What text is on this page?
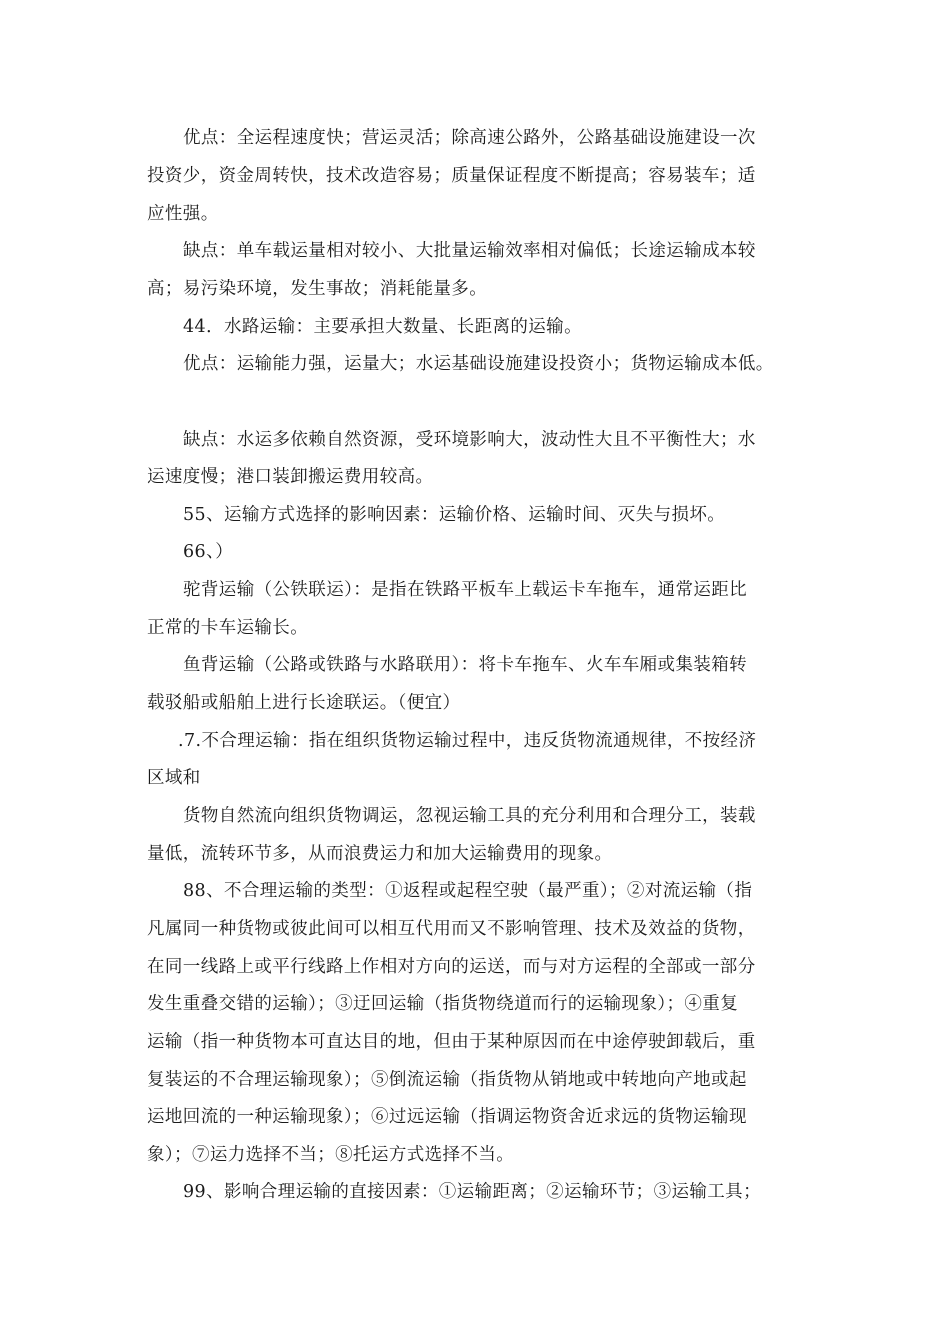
优点：全运程速度快；营运灵活；除高速公路外，公路基础设施建设一次
投资少，资金周转快，技术改造容易；质量保证程度不断提高；容易装车；适
应性强。
缺点：单车载运量相对较小、大批量运输效率相对偏低；长途运输成本较
高；易污染环境，发生事故；消耗能量多。
44．水路运输：主要承担大数量、长距离的运输。
优点：运输能力强，运量大；水运基础设施建设投资小；货物运输成本低。
缺点：水运多依赖自然资源，受环境影响大，波动性大且不平衡性大；水
运速度慢；港口装卸搬运费用较高。
55、运输方式选择的影响因素：运输价格、运输时间、灭失与损坏。
66、）
驼背运输（公铁联运）：是指在铁路平板车上载运卡车拖车，通常运距比
正常的卡车运输长。
鱼背运输（公路或铁路与水路联用）：将卡车拖车、火车车厢或集装箱转
载驳船或船舶上进行长途联运。（便宜）
.7.不合理运输：指在组织货物运输过程中，违反货物流通规律，不按经济
区域和
货物自然流向组织货物调运，忽视运输工具的充分利用和合理分工，装载
量低，流转环节多，从而浪费运力和加大运输费用的现象。
88、不合理运输的类型：①返程或起程空驶（最严重）；②对流运输（指
凡属同一种货物或彼此间可以相互代用而又不影响管理、技术及效益的货物，
在同一线路上或平行线路上作相对方向的运送，而与对方运程的全部或一部分
发生重叠交错的运输）；③迂回运输（指货物绕道而行的运输现象）；④重复
运输（指一种货物本可直达目的地，但由于某种原因而在中途停驶卸载后，重
复装运的不合理运输现象）；⑤倒流运输（指货物从销地或中转地向产地或起
运地回流的一种运输现象）；⑥过远运输（指调运物资舍近求远的货物运输现
象）；⑦运力选择不当；⑧托运方式选择不当。
99、影响合理运输的直接因素：①运输距离；②运输环节；③运输工具；
